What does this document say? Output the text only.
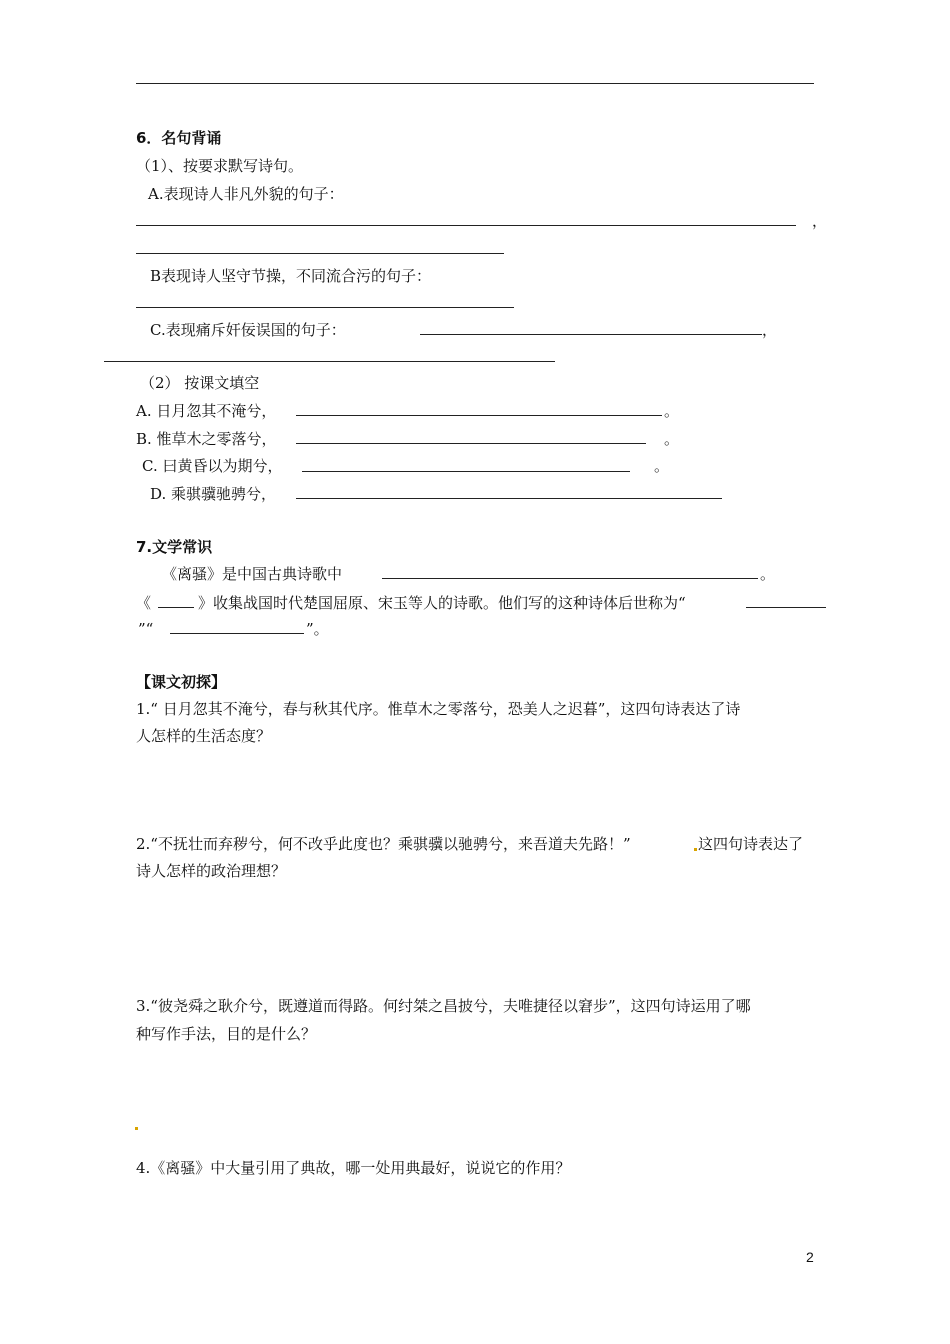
6．名句背诵
（1）、按要求默写诗句。
A.表现诗人非凡外貌的句子：
，
B表现诗人坚守节操，不同流合污的句子：
C.表现痛斥奸佞误国的句子：	，
（2） 按课文填空
A. 日月忽其不淹兮，	。
B. 惟草木之零落兮，	。
C. 曰黄昏以为期兮，	。
D. 乘骐骥驰骋兮，
7.文学常识
《离骚》是中国古典诗歌中	。
《	》收集战国时代楚国屈原、宋玉等人的诗歌。他们写的这种诗体后世称为“
”“	”。
【课文初探】
1.“ 日月忽其不淹兮，春与秋其代序。惟草木之零落兮，恐美人之迟暮”，这四句诗表达了诗
人怎样的生活态度？
2.“不抚壮而弃秽兮，何不改乎此度也？乘骐骥以驰骋兮，来吾道夫先路！”	这四句诗表达了
诗人怎样的政治理想？
3.“彼尧舜之耿介兮，既遵道而得路。何纣桀之昌披兮，夫唯捷径以窘步”，这四句诗运用了哪
种写作手法，目的是什么？
4.《离骚》中大量引用了典故，哪一处用典最好，说说它的作用？
2
